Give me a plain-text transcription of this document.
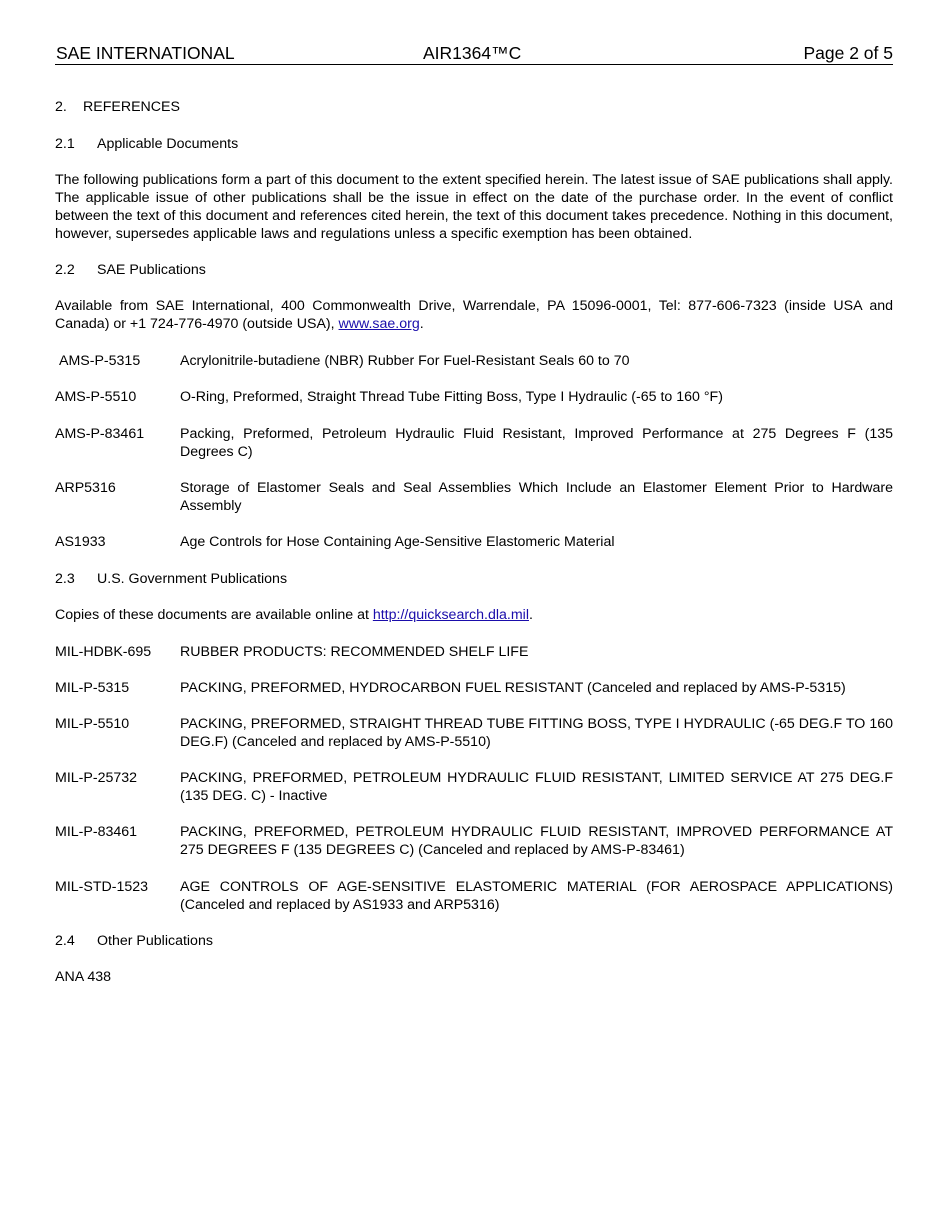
SAE INTERNATIONAL	AIR1364™C	Page 2 of 5

2. REFERENCES

2.1 Applicable Documents

The following publications form a part of this document to the extent specified herein. The latest issue of SAE publications shall apply. The applicable issue of other publications shall be the issue in effect on the date of the purchase order. In the event of conflict between the text of this document and references cited herein, the text of this document takes precedence. Nothing in this document, however, supersedes applicable laws and regulations unless a specific exemption has been obtained.

2.2 SAE Publications

Available from SAE International, 400 Commonwealth Drive, Warrendale, PA 15096-0001, Tel: 877-606-7323 (inside USA and Canada) or +1 724-776-4970 (outside USA), www.sae.org.

AMS-P-5315	Acrylonitrile-butadiene (NBR) Rubber For Fuel-Resistant Seals 60 to 70
AMS-P-5510	O-Ring, Preformed, Straight Thread Tube Fitting Boss, Type I Hydraulic (-65 to 160 °F)
AMS-P-83461	Packing, Preformed, Petroleum Hydraulic Fluid Resistant, Improved Performance at 275 Degrees F (135 Degrees C)
ARP5316	Storage of Elastomer Seals and Seal Assemblies Which Include an Elastomer Element Prior to Hardware Assembly
AS1933	Age Controls for Hose Containing Age-Sensitive Elastomeric Material

2.3 U.S. Government Publications

Copies of these documents are available online at http://quicksearch.dla.mil.

MIL-HDBK-695	RUBBER PRODUCTS: RECOMMENDED SHELF LIFE
MIL-P-5315	PACKING, PREFORMED, HYDROCARBON FUEL RESISTANT (Canceled and replaced by AMS-P-5315)
MIL-P-5510	PACKING, PREFORMED, STRAIGHT THREAD TUBE FITTING BOSS, TYPE I HYDRAULIC (-65 DEG.F TO 160 DEG.F) (Canceled and replaced by AMS-P-5510)
MIL-P-25732	PACKING, PREFORMED, PETROLEUM HYDRAULIC FLUID RESISTANT, LIMITED SERVICE AT 275 DEG.F (135 DEG. C) - Inactive
MIL-P-83461	PACKING, PREFORMED, PETROLEUM HYDRAULIC FLUID RESISTANT, IMPROVED PERFORMANCE AT 275 DEGREES F (135 DEGREES C) (Canceled and replaced by AMS-P-83461)
MIL-STD-1523	AGE CONTROLS OF AGE-SENSITIVE ELASTOMERIC MATERIAL (FOR AEROSPACE APPLICATIONS) (Canceled and replaced by AS1933 and ARP5316)

2.4 Other Publications

ANA 438
